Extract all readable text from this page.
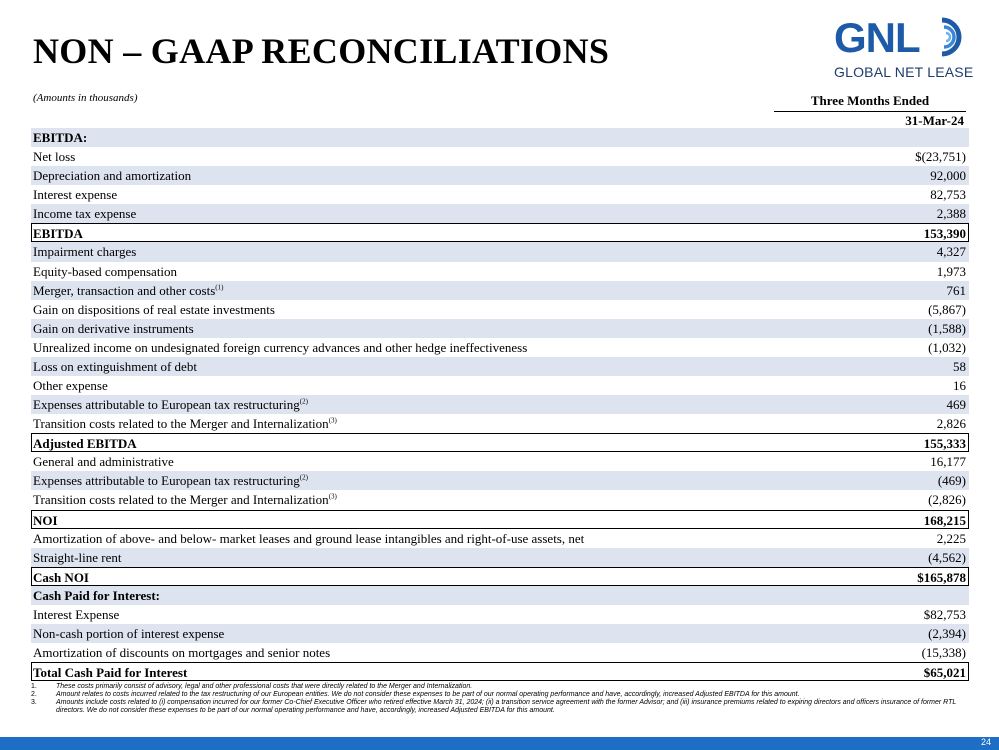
NON – GAAP RECONCILIATIONS	GNL
GLOBAL NET LEASE
(Amounts in thousands)	Three Months Ended
31-Mar-24
EBITDA:
Net loss	$(23,751)
Depreciation and amortization	92,000
Interest expense	82,753
Income tax expense	2,388
EBITDA	153,390
Impairment charges	4,327
Equity-based compensation	1,973
Merger, transaction and other costs$^{(1)}$	761
Gain on dispositions of real estate investments	(5,867)
Gain on derivative instruments	(1,588)
Unrealized income on undesignated foreign currency advances and other hedge ineffectiveness	(1,032)
Loss on extinguishment of debt	58
Other expense	16
Expenses attributable to European tax restructuring$^{(2)}$	469
Transition costs related to the Merger and Internalization$^{(3)}$	2,826
Adjusted EBITDA	155,333
General and administrative	16,177
Expenses attributable to European tax restructuring$^{(2)}$	(469)
Transition costs related to the Merger and Internalization$^{(3)}$	(2,826)
NOI	168,215
Amortization of above- and below- market leases and ground lease intangibles and right-of-use assets, net	2,225
Straight-line rent	(4,562)
Cash NOI	$165,878
Cash Paid for Interest:
Interest Expense	$82,753
Non-cash portion of interest expense	(2,394)
Amortization of discounts on mortgages and senior notes	(15,338)
Total Cash Paid for Interest	$65,021
1.	These costs primarily consist of advisory, legal and other professional costs that were directly related to the Merger and Internalization.
2.	Amount relates to costs incurred related to the tax restructuring of our European entities. We do not consider these expenses to be part of our normal operating performance and have, accordingly, increased Adjusted EBITDA for this amount.
3.	Amounts include costs related to (i) compensation incurred for our former Co-Chief Executive Officer who retired effective March 31, 2024; (ii) a transition service agreement with the former Advisor; and (iii) insurance premiums related to expiring directors and officers insurance of former RTL directors. We do not consider these expenses to be part of our normal operating performance and have, accordingly, increased Adjusted EBITDA for this amount.
24
